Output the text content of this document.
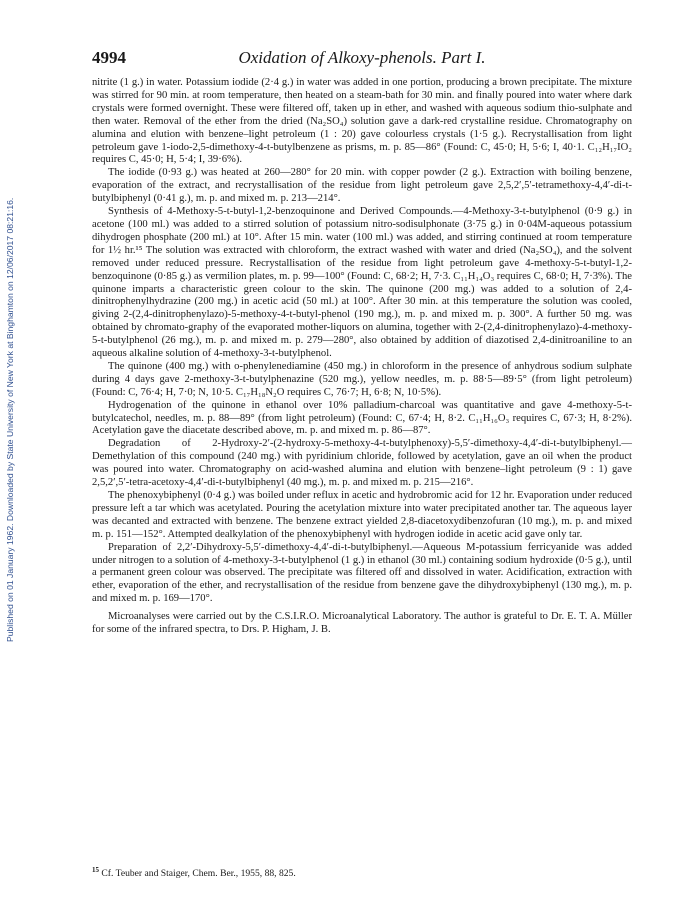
Published on 01 January 1962. Downloaded by State University of New York at Binghamton on 12/06/2017 08:21:16.
4994	Oxidation of Alkoxy-phenols. Part I.

nitrite (1 g.) in water. Potassium iodide (2·4 g.) in water was added in one portion, producing a brown precipitate. The mixture was stirred for 90 min. at room temperature, then heated on a steam-bath for 30 min. and finally poured into water where dark crystals were formed overnight. These were filtered off, taken up in ether, and washed with aqueous sodium thio-sulphate and then water. Removal of the ether from the dried (Na₂SO₄) solution gave a dark-red crystalline residue. Chromatography on alumina and elution with benzene–light petroleum (1 : 20) gave colourless crystals (1·5 g.). Recrystallisation from light petroleum gave 1-iodo-2,5-dimethoxy-4-t-butylbenzene as prisms, m. p. 85—86° (Found: C, 45·0; H, 5·6; I, 40·1. C₁₂H₁₇IO₂ requires C, 45·0; H, 5·4; I, 39·6%).

The iodide (0·93 g.) was heated at 260—280° for 20 min. with copper powder (2 g.). Extraction with boiling benzene, evaporation of the extract, and recrystallisation of the residue from light petroleum gave 2,5,2′,5′-tetramethoxy-4,4′-di-t-butylbiphenyl (0·41 g.), m. p. and mixed m. p. 213—214°.

Synthesis of 4-Methoxy-5-t-butyl-1,2-benzoquinone and Derived Compounds.—4-Methoxy-3-t-butylphenol (0·9 g.) in acetone (100 ml.) was added to a stirred solution of potassium nitro-sodisulphonate (3·75 g.) in 0·04M-aqueous potassium dihydrogen phosphate (200 ml.) at 10°. After 15 min. water (100 ml.) was added, and stirring continued at room temperature for 1½ hr.¹⁵ The solution was extracted with chloroform, the extract washed with water and dried (Na₂SO₄), and the solvent removed under reduced pressure. Recrystallisation of the residue from light petroleum gave 4-methoxy-5-t-butyl-1,2-benzoquinone (0·85 g.) as vermilion plates, m. p. 99—100° (Found: C, 68·2; H, 7·3. C₁₁H₁₄O₃ requires C, 68·0; H, 7·3%). The quinone imparts a characteristic green colour to the skin. The quinone (200 mg.) was added to a solution of 2,4-dinitrophenylhydrazine (200 mg.) in acetic acid (50 ml.) at 100°. After 30 min. at this temperature the solution was cooled, giving 2-(2,4-dinitrophenylazo)-5-methoxy-4-t-butyl-phenol (190 mg.), m. p. and mixed m. p. 300°. A further 50 mg. was obtained by chromato-graphy of the evaporated mother-liquors on alumina, together with 2-(2,4-dinitrophenylazo)-4-methoxy-5-t-butylphenol (26 mg.), m. p. and mixed m. p. 279—280°, also obtained by addition of diazotised 2,4-dinitroaniline to an aqueous alkaline solution of 4-methoxy-3-t-butylphenol.

The quinone (400 mg.) with o-phenylenediamine (450 mg.) in chloroform in the presence of anhydrous sodium sulphate during 4 days gave 2-methoxy-3-t-butylphenazine (520 mg.), yellow needles, m. p. 88·5—89·5° (from light petroleum) (Found: C, 76·4; H, 7·0; N, 10·5. C₁₇H₁₈N₂O requires C, 76·7; H, 6·8; N, 10·5%).

Hydrogenation of the quinone in ethanol over 10% palladium-charcoal was quantitative and gave 4-methoxy-5-t-butylcatechol, needles, m. p. 88—89° (from light petroleum) (Found: C, 67·4; H, 8·2. C₁₁H₁₆O₃ requires C, 67·3; H, 8·2%). Acetylation gave the diacetate described above, m. p. and mixed m. p. 86—87°.

Degradation of 2-Hydroxy-2′-(2-hydroxy-5-methoxy-4-t-butylphenoxy)-5,5′-dimethoxy-4,4′-di-t-butylbiphenyl.—Demethylation of this compound (240 mg.) with pyridinium chloride, followed by acetylation, gave an oil when the product was poured into water. Chromatography on acid-washed alumina and elution with benzene–light petroleum (9 : 1) gave 2,5,2′,5′-tetra-acetoxy-4,4′-di-t-butylbiphenyl (40 mg.), m. p. and mixed m. p. 215—216°.

The phenoxybiphenyl (0·4 g.) was boiled under reflux in acetic and hydrobromic acid for 12 hr. Evaporation under reduced pressure left a tar which was acetylated. Pouring the acetylation mixture into water precipitated another tar. The aqueous layer was decanted and extracted with benzene. The benzene extract yielded 2,8-diacetoxydibenzofuran (10 mg.), m. p. and mixed m. p. 151—152°. Attempted dealkylation of the phenoxybiphenyl with hydrogen iodide in acetic acid gave only tar.

Preparation of 2,2′-Dihydroxy-5,5′-dimethoxy-4,4′-di-t-butylbiphenyl.—Aqueous M-potassium ferricyanide was added under nitrogen to a solution of 4-methoxy-3-t-butylphenol (1 g.) in ethanol (30 ml.) containing sodium hydroxide (0·5 g.), until a permanent green colour was observed. The precipitate was filtered off and dissolved in water. Acidification, extraction with ether, evaporation of the ether, and recrystallisation of the residue from benzene gave the dihydroxybiphenyl (130 mg.), m. p. and mixed m. p. 169—170°.

Microanalyses were carried out by the C.S.I.R.O. Microanalytical Laboratory. The author is grateful to Dr. E. T. A. Müller for some of the infrared spectra, to Drs. P. Higham, J. B.

$^{15}$ Cf. Teuber and Staiger, Chem. Ber., 1955, 88, 825.
